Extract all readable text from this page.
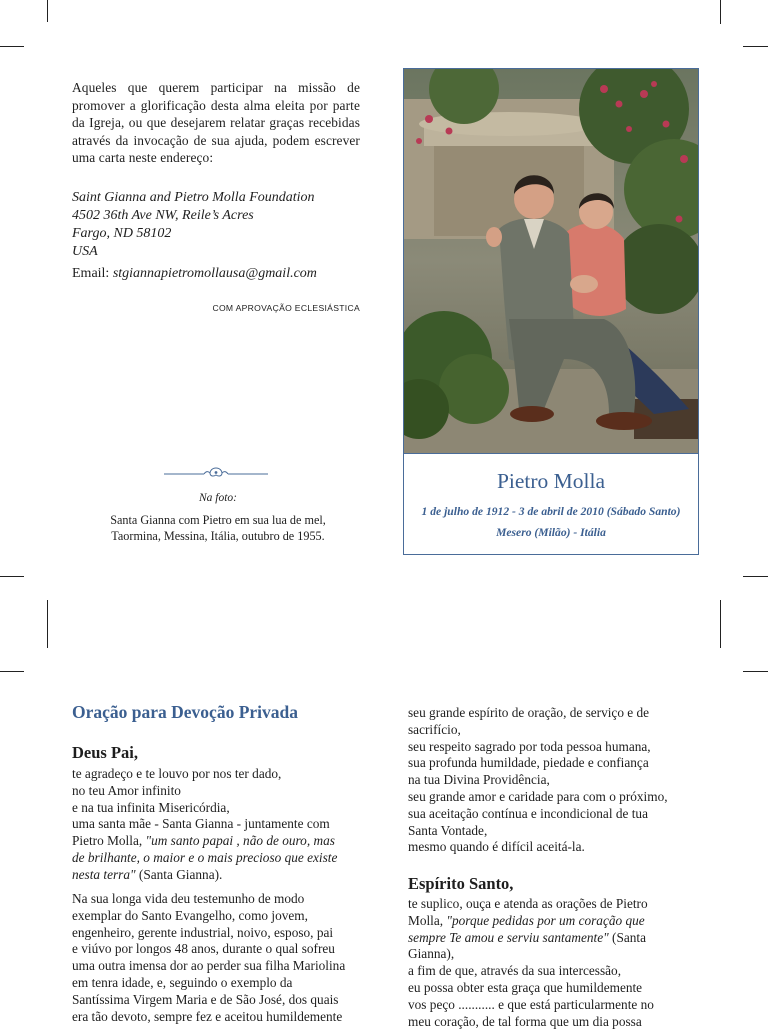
Aqueles que querem participar na missão de promover a glorificação desta alma eleita por parte da Igreja, ou que desejarem relatar graças recebidas através da invocação de sua ajuda, podem escrever uma carta neste endereço:
Saint Gianna and Pietro Molla Foundation
4502 36th Ave NW, Reile’s Acres
Fargo, ND 58102
USA
Email: stgiannapietromollausa@gmail.com
COM APROVAÇÃO ECLESIÁSTICA
Na foto:
Santa Gianna com Pietro em sua lua de mel,
Taormina, Messina, Itália, outubro de 1955.
Pietro Molla
1 de julho de 1912 - 3 de abril de 2010 (Sábado Santo)
Mesero (Milão) - Itália
Oração para Devoção Privada
Deus Pai,
te agradeço e te louvo por nos ter dado,
no teu Amor infinito
e na tua infinita Misericórdia,
uma santa mãe - Santa Gianna - juntamente com
Pietro Molla, "um santo papai , não de ouro, mas
de brilhante, o maior e o mais precioso que existe
nesta terra" (Santa Gianna).
Na sua longa vida deu testemunho de modo
exemplar do Santo Evangelho, como jovem,
engenheiro, gerente industrial, noivo, esposo, pai
e viúvo por longos 48 anos, durante o qual sofreu
uma outra imensa dor ao perder sua filha Mariolina
em tenra idade, e, seguindo o exemplo da
Santíssima Virgem Maria e de São José, dos quais
era tão devoto, sempre fez e aceitou humildemente
seu grande espírito de oração, de serviço e de
sacrifício,
seu respeito sagrado por toda pessoa humana,
sua profunda humildade, piedade e confiança
na tua Divina Providência,
seu grande amor e caridade para com o próximo,
sua aceitação contínua e incondicional de tua
Santa Vontade,
mesmo quando é difícil aceitá-la.
Espírito Santo,
te suplico, ouça e atenda as orações de Pietro
Molla, "porque pedidas por um coração que
sempre Te amou e serviu santamente" (Santa
Gianna),
a fim de que, através da sua intercessão,
eu possa obter esta graça que humildemente
vos peço ........... e que está particularmente no
meu coração, de tal forma que um dia possa
